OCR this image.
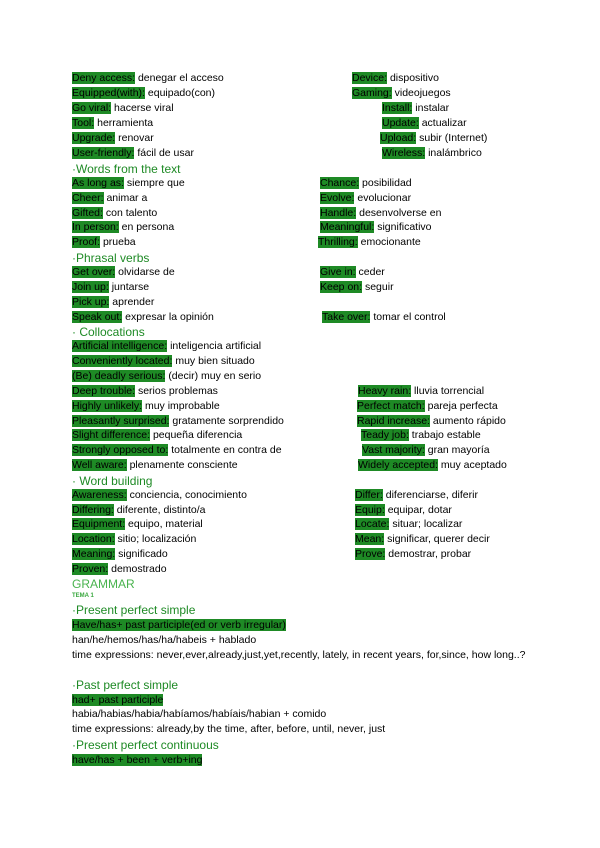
Deny access: denegar el acceso	Device: dispositivo
Equipped(with): equipado(con)	Gaming: videojuegos
Go viral: hacerse viral	Install: instalar
Tool: herramienta	Update: actualizar
Upgrade: renovar	Upload: subir (Internet)
User-friendly: fácil de usar	Wireless: inalámbrico
·Words from the text
As long as: siempre que	Chance: posibilidad
Cheer: animar a	Evolve: evolucionar
Gifted: con talento	Handle: desenvolverse en
In person: en persona	Meaningful: significativo
Proof: prueba	Thrilling: emocionante
·Phrasal verbs
Get over: olvidarse de	Give in: ceder
Join up: juntarse	Keep on: seguir
Pick up: aprender
Speak out: expresar la opinión	Take over: tomar el control
· Collocations
Artificial intelligence: inteligencia artificial
Conveniently located: muy bien situado
(Be) deadly serious: (decir) muy en serio
Deep trouble: serios problemas	Heavy rain: lluvia torrencial
Highly unlikely: muy improbable	Perfect match: pareja perfecta
Pleasantly surprised: gratamente sorprendido	Rapid increase: aumento rápido
Slight difference: pequeña diferencia	Teady job: trabajo estable
Strongly opposed to: totalmente en contra de	Vast majority: gran mayoría
Well aware: plenamente consciente	Widely accepted: muy aceptado
· Word building
Awareness: conciencia, conocimiento	Differ: diferenciarse, diferir
Differing: diferente, distinto/a	Equip: equipar, dotar
Equipment: equipo, material	Locate: situar; localizar
Location: sitio; localización	Mean: significar, querer decir
Meaning: significado	Prove: demostrar, probar
Proven: demostrado
GRAMMAR
TEMA 1
·Present perfect simple
Have/has+ past participle(ed or verb irregular)
han/he/hemos/has/ha/habeis + hablado
time expressions: never,ever,already,just,yet,recently, lately, in recent years, for,since, how long..?
·Past perfect simple
had+ past participle
habia/habias/habia/habíamos/habíais/habian + comido
time expressions: already,by the time, after, before, until, never, just
·Present perfect continuous
have/has + been + verb+ing
